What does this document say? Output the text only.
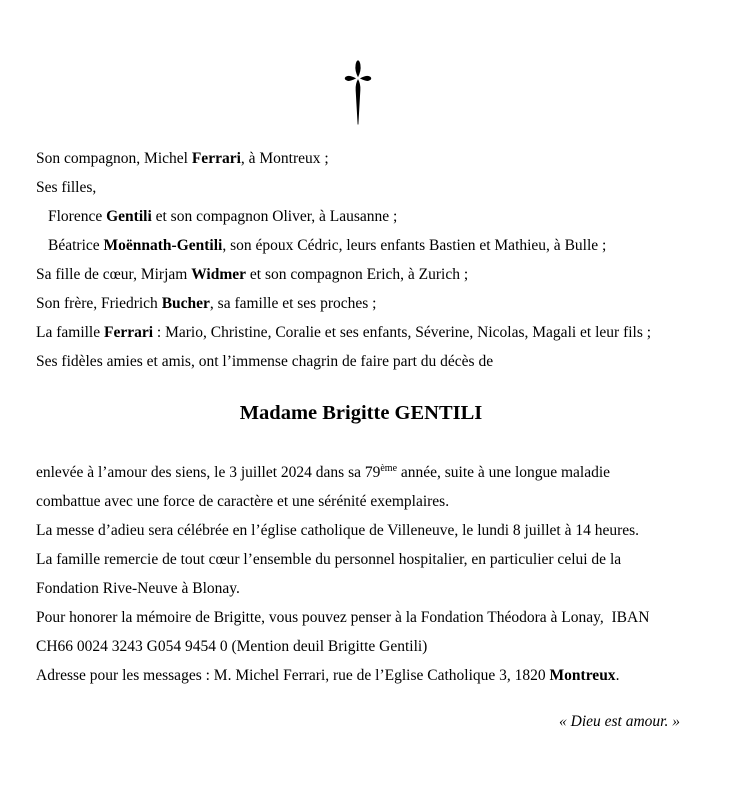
Son compagnon, Michel Ferrari, à Montreux ;
Ses filles,
Florence Gentili et son compagnon Oliver, à Lausanne ;
Béatrice Moënnath-Gentili, son époux Cédric, leurs enfants Bastien et Mathieu, à Bulle ;
Sa fille de cœur, Mirjam Widmer et son compagnon Erich, à Zurich ;
Son frère, Friedrich Bucher, sa famille et ses proches ;
La famille Ferrari : Mario, Christine, Coralie et ses enfants, Séverine, Nicolas, Magali et leur fils ;
Ses fidèles amies et amis, ont l’immense chagrin de faire part du décès de
Madame Brigitte GENTILI
enlevée à l’amour des siens, le 3 juillet 2024 dans sa 79ème année, suite à une longue maladie
combattue avec une force de caractère et une sérénité exemplaires.
La messe d’adieu sera célébrée en l’église catholique de Villeneuve, le lundi 8 juillet à 14 heures.
La famille remercie de tout cœur l’ensemble du personnel hospitalier, en particulier celui de la
Fondation Rive-Neuve à Blonay.
Pour honorer la mémoire de Brigitte, vous pouvez penser à la Fondation Théodora à Lonay,  IBAN
CH66 0024 3243 G054 9454 0 (Mention deuil Brigitte Gentili)
Adresse pour les messages : M. Michel Ferrari, rue de l’Eglise Catholique 3, 1820 Montreux.
« Dieu est amour. »
